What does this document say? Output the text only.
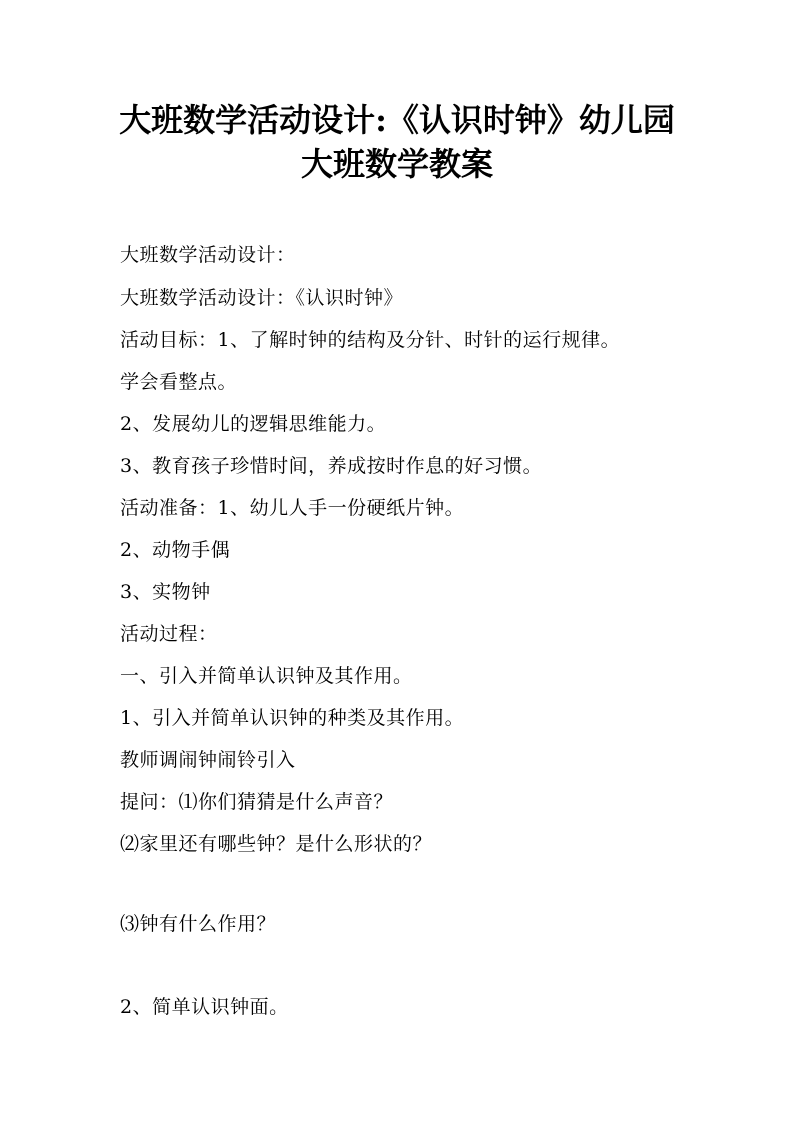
大班数学活动设计:《认识时钟》幼儿园
大班数学教案
大班数学活动设计：
大班数学活动设计：《认识时钟》
活动目标：1、了解时钟的结构及分针、时针的运行规律。
学会看整点。
2、发展幼儿的逻辑思维能力。
3、教育孩子珍惜时间，养成按时作息的好习惯。
活动准备：1、幼儿人手一份硬纸片钟。
2、动物手偶
3、实物钟
活动过程：
一、引入并简单认识钟及其作用。
1、引入并简单认识钟的种类及其作用。
教师调闹钟闹铃引入
提问：⑴你们猜猜是什么声音？
⑵家里还有哪些钟？是什么形状的？
⑶钟有什么作用？
2、简单认识钟面。
